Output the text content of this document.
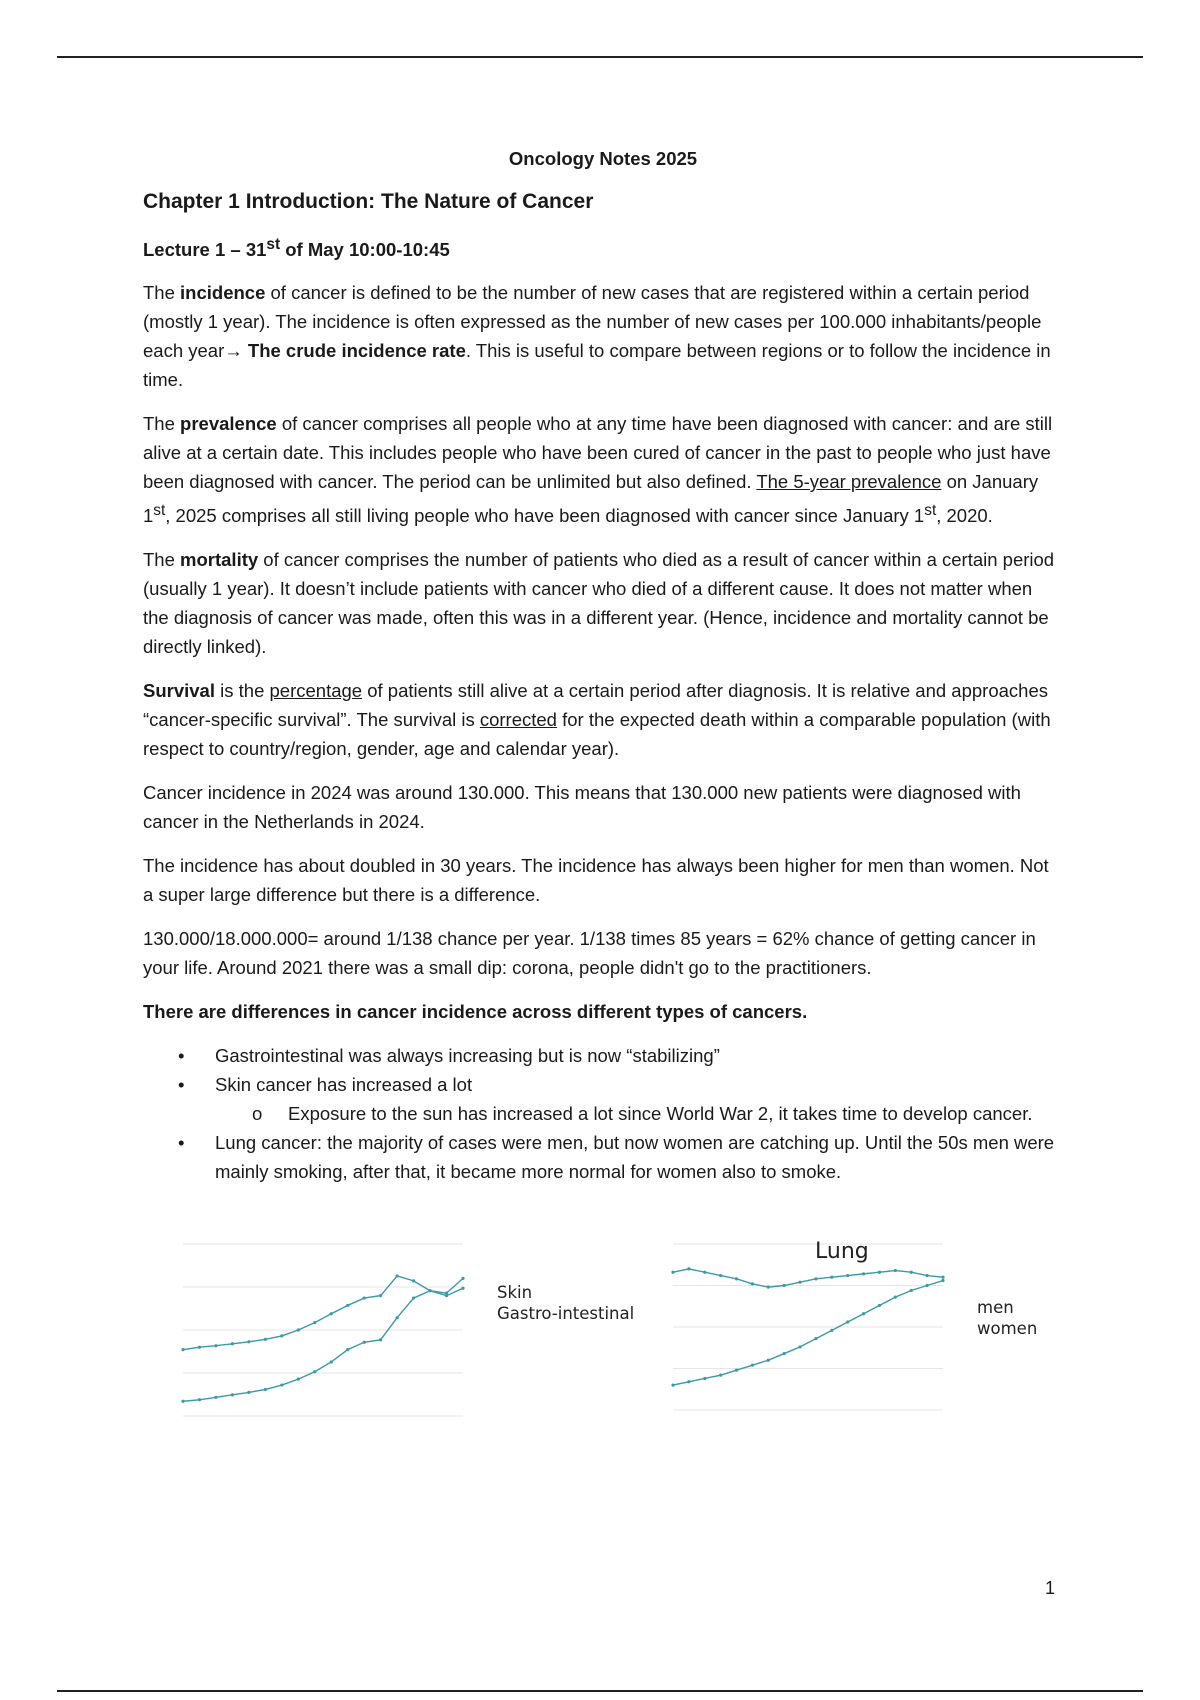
Oncology Notes 2025
Chapter 1 Introduction: The Nature of Cancer
Lecture 1 – 31st of May 10:00-10:45

The incidence of cancer is defined to be the number of new cases that are registered within a certain period (mostly 1 year). The incidence is often expressed as the number of new cases per 100.000 inhabitants/people each year→ The crude incidence rate. This is useful to compare between regions or to follow the incidence in time.

The prevalence of cancer comprises all people who at any time have been diagnosed with cancer: and are still alive at a certain date. This includes people who have been cured of cancer in the past to people who just have been diagnosed with cancer. The period can be unlimited but also defined. The 5-year prevalence on January 1st, 2025 comprises all still living people who have been diagnosed with cancer since January 1st, 2020.

The mortality of cancer comprises the number of patients who died as a result of cancer within a certain period (usually 1 year). It doesn’t include patients with cancer who died of a different cause. It does not matter when the diagnosis of cancer was made, often this was in a different year. (Hence, incidence and mortality cannot be directly linked).

Survival is the percentage of patients still alive at a certain period after diagnosis. It is relative and approaches “cancer-specific survival”. The survival is corrected for the expected death within a comparable population (with respect to country/region, gender, age and calendar year).

Cancer incidence in 2024 was around 130.000. This means that 130.000 new patients were diagnosed with cancer in the Netherlands in 2024.

The incidence has about doubled in 30 years. The incidence has always been higher for men than women. Not a super large difference but there is a difference.

130.000/18.000.000= around 1/138 chance per year. 1/138 times 85 years = 62% chance of getting cancer in your life. Around 2021 there was a small dip: corona, people didn't go to the practitioners.

There are differences in cancer incidence across different types of cancers.

• Gastrointestinal was always increasing but is now “stabilizing”
• Skin cancer has increased a lot
o Exposure to the sun has increased a lot since World War 2, it takes time to develop cancer.
• Lung cancer: the majority of cases were men, but now women are catching up. Until the 50s men were mainly smoking, after that, it became more normal for women also to smoke.
Skin
Gastro-intestinal
Lung
men
women
1
